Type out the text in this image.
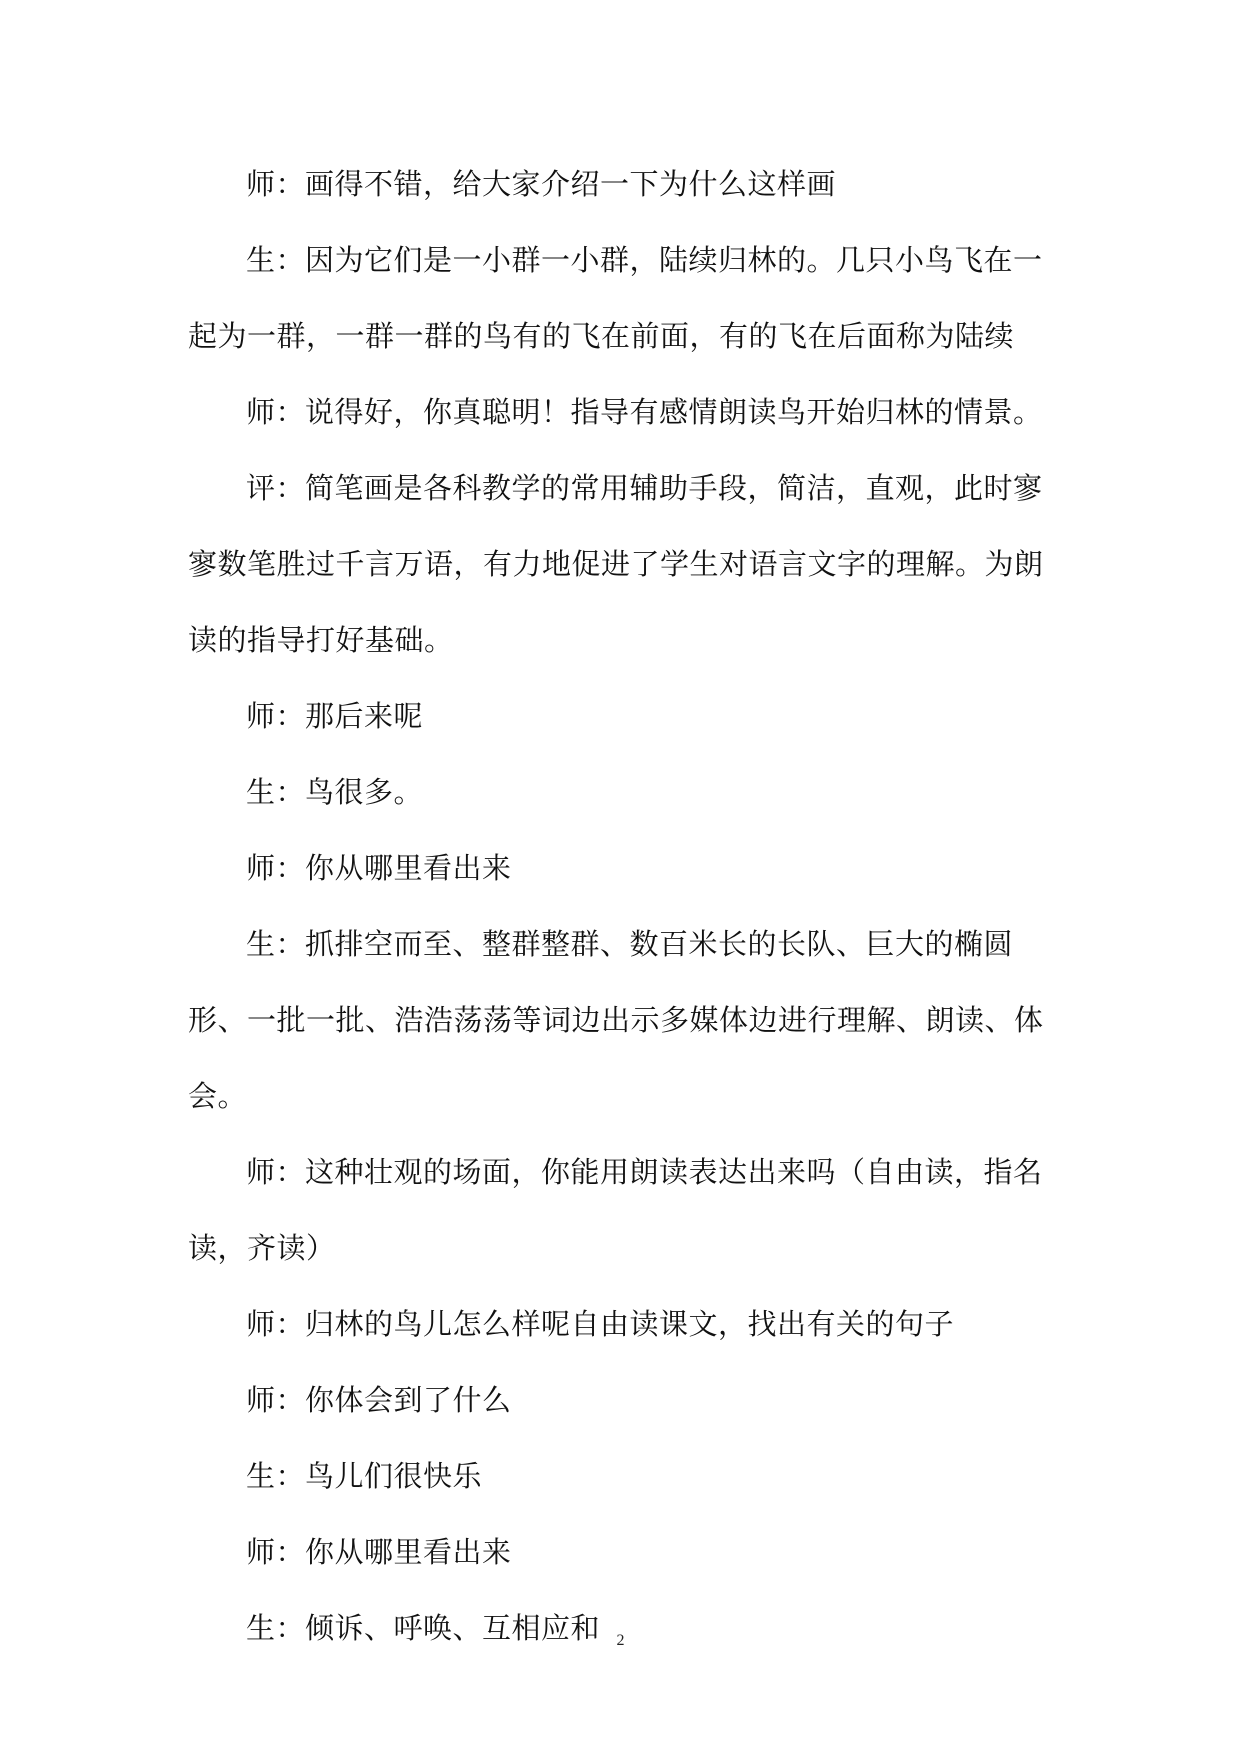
师：画得不错，给大家介绍一下为什么这样画

生：因为它们是一小群一小群，陆续归林的。几只小鸟飞在一起为一群，一群一群的鸟有的飞在前面，有的飞在后面称为陆续

师：说得好，你真聪明！指导有感情朗读鸟开始归林的情景。

评：简笔画是各科教学的常用辅助手段，简洁，直观，此时寥寥数笔胜过千言万语，有力地促进了学生对语言文字的理解。为朗读的指导打好基础。

师：那后来呢

生：鸟很多。

师：你从哪里看出来

生：抓排空而至、整群整群、数百米长的长队、巨大的椭圆形、一批一批、浩浩荡荡等词边出示多媒体边进行理解、朗读、体会。

师：这种壮观的场面，你能用朗读表达出来吗（自由读，指名读，齐读）

师：归林的鸟儿怎么样呢自由读课文，找出有关的句子

师：你体会到了什么

生：鸟儿们很快乐

师：你从哪里看出来

生：倾诉、呼唤、互相应和	2
